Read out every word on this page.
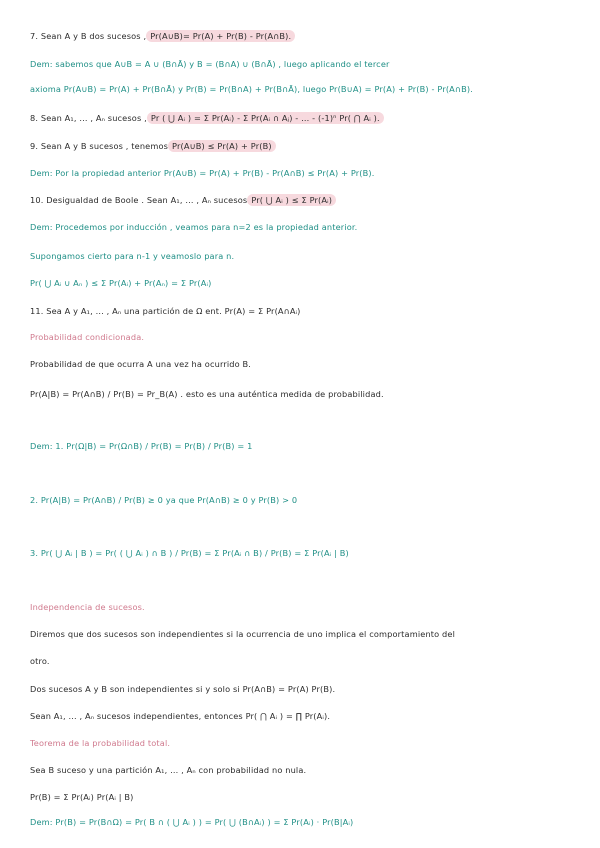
7. Sean A y B dos sucesos ,Pr(A∪B)= Pr(A) + Pr(B) - Pr(A∩B).
Dem: sabemos que A∪B = A ∪ (B∩Ā) y B = (B∩A) ∪ (B∩Ā) , luego aplicando el tercer
axioma Pr(A∪B) = Pr(A) + Pr(B∩Ā) y Pr(B) = Pr(B∩A) + Pr(B∩Ā), luego Pr(B∪A) = Pr(A) + Pr(B) - Pr(A∩B).
8. Sean A₁, ... , Aₙ sucesos ,Pr ( ⋃ Aᵢ ) = Σ Pr(Aᵢ) - Σ Pr(Aᵢ ∩ Aⱼ) - ... - (-1)ⁿ Pr( ⋂ Aᵢ ).
9. Sean A y B sucesos , tenemosPr(A∪B) ≤ Pr(A) + Pr(B)
Dem: Por la propiedad anterior Pr(A∪B) = Pr(A) + Pr(B) - Pr(A∩B) ≤ Pr(A) + Pr(B).
10. Desigualdad de Boole . Sean A₁, ... , Aₙ sucesosPr( ⋃ Aᵢ ) ≤ Σ Pr(Aᵢ)
Dem: Procedemos por inducción , veamos para n=2 es la propiedad anterior.
Supongamos cierto para n-1 y veamoslo para n.
Pr( ⋃ Aᵢ ∪ Aₙ ) ≤ Σ Pr(Aᵢ) + Pr(Aₙ) = Σ Pr(Aᵢ)
11. Sea A y A₁, ... , Aₙ una partición de Ω ent. Pr(A) = Σ Pr(A∩Aᵢ)
Probabilidad condicionada.
Probabilidad de que ocurra A una vez ha ocurrido B.
Pr(A|B) = Pr(A∩B) / Pr(B) = Pr_B(A) . esto es una auténtica medida de probabilidad.
Dem: 1. Pr(Ω|B) = Pr(Ω∩B) / Pr(B) = Pr(B) / Pr(B) = 1
2. Pr(A|B) = Pr(A∩B) / Pr(B) ≥ 0 ya que Pr(A∩B) ≥ 0 y Pr(B) > 0
3. Pr( ⋃ Aᵢ | B ) = Pr( ( ⋃ Aᵢ ) ∩ B ) / Pr(B) = Σ Pr(Aᵢ ∩ B) / Pr(B) = Σ Pr(Aᵢ | B)
Independencia de sucesos.
Diremos que dos sucesos son independientes si la ocurrencia de uno implica el comportamiento del
otro.
Dos sucesos A y B son independientes si y solo si Pr(A∩B) = Pr(A) Pr(B).
Sean A₁, ... , Aₙ sucesos independientes, entonces Pr( ⋂ Aᵢ ) = ∏ Pr(Aᵢ).
Teorema de la probabilidad total.
Sea B suceso y una partición A₁, ... , Aₙ con probabilidad no nula.
Pr(B) = Σ Pr(Aᵢ) Pr(Aᵢ | B)
Dem: Pr(B) = Pr(B∩Ω) = Pr( B ∩ ( ⋃ Aᵢ ) ) = Pr( ⋃ (B∩Aᵢ) ) = Σ Pr(Aᵢ) · Pr(B|Aᵢ)
